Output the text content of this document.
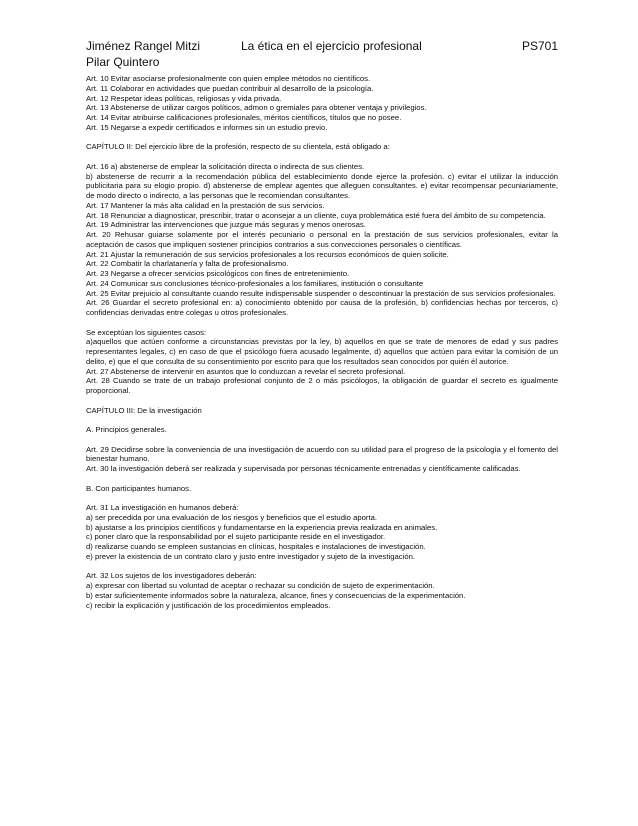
Jiménez Rangel Mitzi	La ética en el ejercicio profesional	PS701
Pilar Quintero

Art. 10 Evitar asociarse profesionalmente con quien emplee métodos no científicos.

Art. 11 Colaborar en actividades que puedan contribuir al desarrollo de la psicología.

Art. 12 Respetar ideas políticas, religiosas y vida privada.

Art. 13 Abstenerse de utilizar cargos políticos, admon o gremiales para obtener ventaja y privilegios.

Art. 14 Evitar atribuirse calificaciones profesionales, méritos científicos, títulos que no posee.

Art. 15 Negarse a expedir certificados e informes sin un estudio previo.

CAPÍTULO II: Del ejercicio libre de la profesión, respecto de su clientela, está obligado a:

Art. 16 a) abstenerse de emplear la solicitación directa o indirecta de sus clientes.

b) abstenerse de recurrir a la recomendación pública del establecimiento donde ejerce la profesión. c) evitar el utilizar la inducción publicitaria para su elogio propio. d) abstenerse de emplear agentes que alleguen consultantes. e) evitar recompensar pecuniariamente, de modo directo o indirecto, a las personas que le recomiendan consultantes.

Art. 17 Mantener la más alta calidad en la prestación de sus servicios.

Art. 18 Renunciar a diagnosticar, prescribir, tratar o aconsejar a un cliente, cuya problemática esté fuera del ámbito de su competencia.

Art. 19 Administrar las intervenciones que juzgue más seguras y menos onerosas.

Art. 20 Rehusar guiarse solamente por el interés pecuniario o personal en la prestación de sus servicios profesionales, evitar la aceptación de casos que impliquen sostener principios contrarios a sus convecciones personales o científicas.

Art. 21 Ajustar la remuneración de sus servicios profesionales a los recursos económicos de quien solicite.

Art. 22 Combatir la charlatanería y falta de profesionalismo.

Art. 23 Negarse a ofrecer servicios psicológicos con fines de entretenimiento.

Art. 24 Comunicar sus conclusiones técnico-profesionales a los familiares, institución o consultante

Art. 25 Evitar prejuicio al consultante cuando resulte indispensable suspender o descontinuar la prestación de sus servicios profesionales.

Art. 26 Guardar el secreto profesional en: a) conocimiento obtenido por causa de la profesión, b) confidencias hechas por terceros, c) confidencias derivadas entre colegas u otros profesionales.

Se exceptúan los siguientes casos:

a)aquellos que actúen conforme a circunstancias previstas por la ley, b) aquellos en que se trate de menores de edad y sus padres representantes legales, c) en caso de que el psicólogo fuera acusado legalmente, d) aquellos que actúen para evitar la comisión de un delito, e) que el que consulta de su consentimiento por escrito para que los resultados sean conocidos por quién él autorice.

Art. 27 Abstenerse de intervenir en asuntos que lo conduzcan a revelar el secreto profesional.

Art. 28 Cuando se trate de un trabajo profesional conjunto de 2 o más psicólogos, la obligación de guardar el secreto es igualmente proporcional.

CAPÍTULO III: De la investigación

A. Principios generales.

Art. 29 Decidirse sobre la conveniencia de una investigación de acuerdo con su utilidad para el progreso de la psicología y el fomento del bienestar humano.

Art. 30 la investigación deberá ser realizada y supervisada por personas técnicamente entrenadas y científicamente calificadas.

B. Con participantes humanos.

Art. 31 La investigación en humanos deberá:

a) ser precedida por una evaluación de los riesgos y beneficios que el estudio aporta.

b) ajustarse a los principios científicos y fundamentarse en la experiencia previa realizada en animales.

c) poner claro que la responsabilidad por el sujeto participante reside en el investigador.

d) realizarse cuando se empleen sustancias en clínicas, hospitales e instalaciones de investigación.

e) prever la existencia de un contrato claro y justo entre investigador y sujeto de la investigación.

Art. 32 Los sujetos de los investigadores deberán:

a) expresar con libertad su voluntad de aceptar o rechazar su condición de sujeto de experimentación.

b) estar suficientemente informados sobre la naturaleza, alcance, fines y consecuencias de la experimentación.

c) recibir la explicación y justificación de los procedimientos empleados.
